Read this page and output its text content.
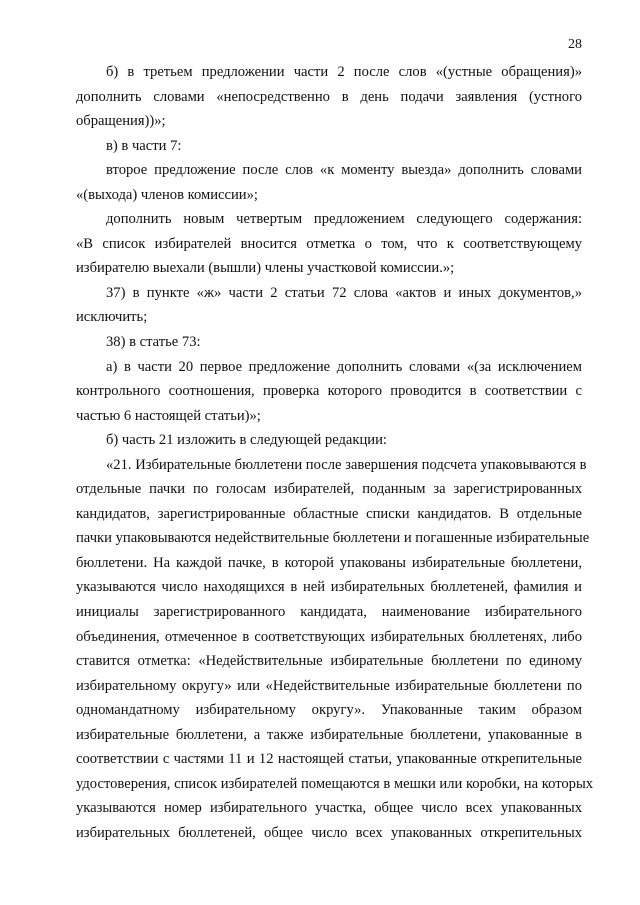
28
б) в третьем предложении части 2 после слов «(устные обращения)»
дополнить словами «непосредственно в день подачи заявления (устного
обращения))»;
в) в части 7:
второе предложение после слов «к моменту выезда» дополнить словами
«(выхода) членов комиссии»;
дополнить новым четвертым предложением следующего содержания:
«В список избирателей вносится отметка о том, что к соответствующему
избирателю выехали (вышли) члены участковой комиссии.»;
37) в пункте «ж» части 2 статьи 72 слова «актов и иных документов,»
исключить;
38) в статье 73:
а) в части 20 первое предложение дополнить словами «(за исключением
контрольного соотношения, проверка которого проводится в соответствии с
частью 6 настоящей статьи)»;
б) часть 21 изложить в следующей редакции:
«21. Избирательные бюллетени после завершения подсчета упаковываются в
отдельные пачки по голосам избирателей, поданным за зарегистрированных
кандидатов, зарегистрированные областные списки кандидатов. В отдельные
пачки упаковываются недействительные бюллетени и погашенные избирательные
бюллетени. На каждой пачке, в которой упакованы избирательные бюллетени,
указываются число находящихся в ней избирательных бюллетеней, фамилия и
инициалы зарегистрированного кандидата, наименование избирательного
объединения, отмеченное в соответствующих избирательных бюллетенях, либо
ставится отметка: «Недействительные избирательные бюллетени по единому
избирательному округу» или «Недействительные избирательные бюллетени по
одномандатному избирательному округу». Упакованные таким образом
избирательные бюллетени, а также избирательные бюллетени, упакованные в
соответствии с частями 11 и 12 настоящей статьи, упакованные открепительные
удостоверения, список избирателей помещаются в мешки или коробки, на которых
указываются номер избирательного участка, общее число всех упакованных
избирательных бюллетеней, общее число всех упакованных открепительных
